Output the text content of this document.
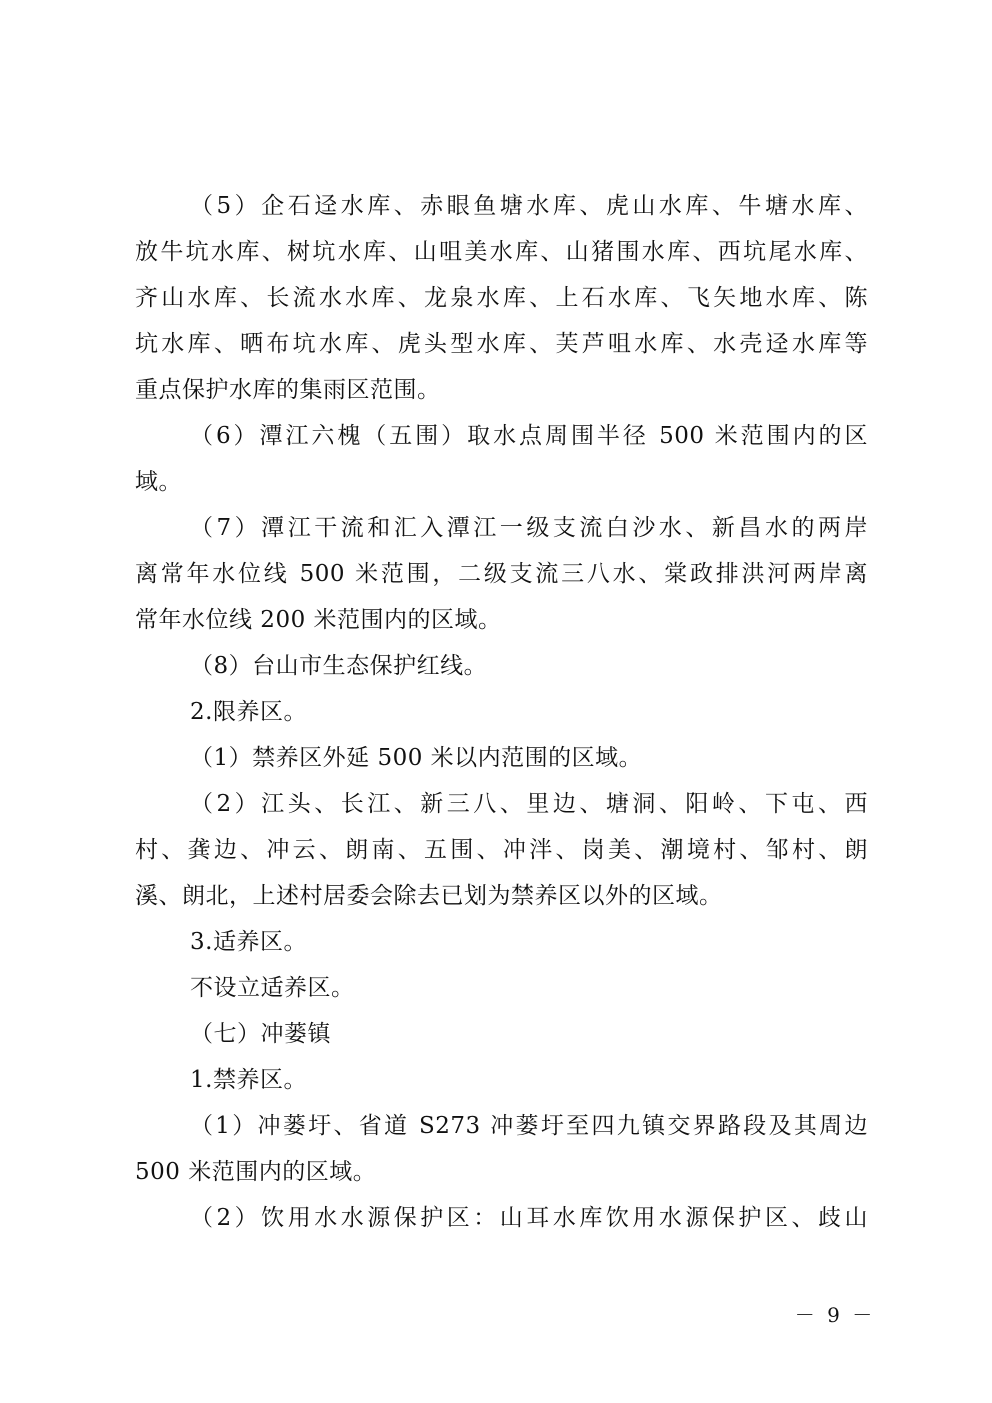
（5）企石迳水库、赤眼鱼塘水库、虎山水库、牛塘水库、
放牛坑水库、树坑水库、山咀美水库、山猪围水库、西坑尾水库、
齐山水库、长流水水库、龙泉水库、上石水库、飞矢地水库、陈
坑水库、晒布坑水库、虎头型水库、芙芦咀水库、水壳迳水库等
重点保护水库的集雨区范围。
（6）潭江六槐（五围）取水点周围半径 500 米范围内的区
域。
（7）潭江干流和汇入潭江一级支流白沙水、新昌水的两岸
离常年水位线 500 米范围，二级支流三八水、棠政排洪河两岸离
常年水位线 200 米范围内的区域。
（8）台山市生态保护红线。
2.限养区。
（1）禁养区外延 500 米以内范围的区域。
（2）江头、长江、新三八、里边、塘洞、阳岭、下屯、西
村、龚边、冲云、朗南、五围、冲泮、岗美、潮境村、邹村、朗
溪、朗北，上述村居委会除去已划为禁养区以外的区域。
3.适养区。
不设立适养区。
（七）冲蒌镇
1.禁养区。
（1）冲蒌圩、省道 S273 冲蒌圩至四九镇交界路段及其周边
500 米范围内的区域。
（2）饮用水水源保护区：山耳水库饮用水源保护区、歧山
－ 9 －
